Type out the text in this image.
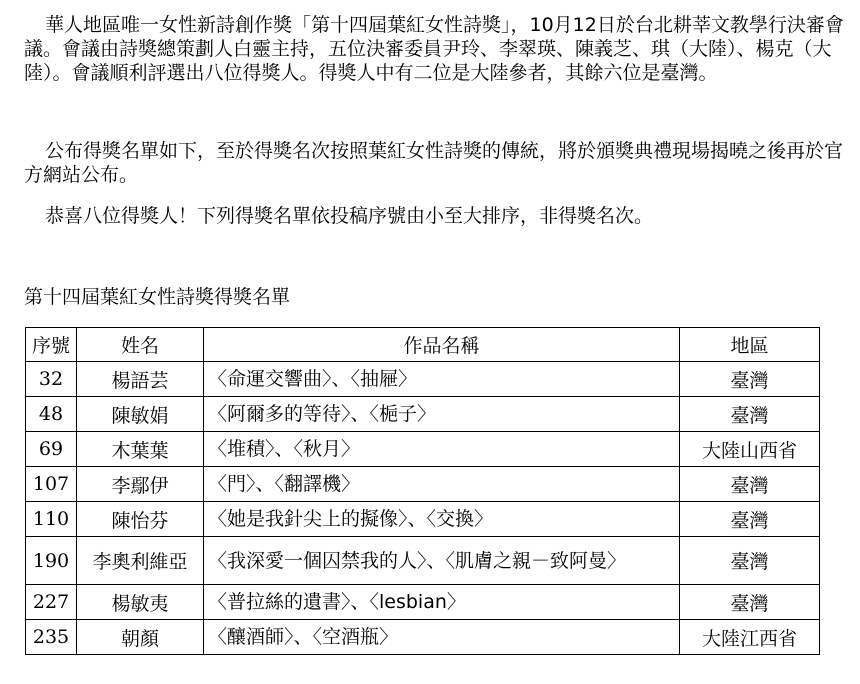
華人地區唯一女性新詩創作獎「第十四屆葉紅女性詩獎」，10月12日於台北耕莘文教學行決審會議。會議由詩獎總策劃人白靈主持，五位決審委員尹玲、李翠瑛、陳義芝、琪（大陸）、楊克（大陸）。會議順利評選出八位得獎人。得獎人中有二位是大陸參者，其餘六位是臺灣。

公布得獎名單如下，至於得獎名次按照葉紅女性詩獎的傳統，將於頒獎典禮現場揭曉之後再於官方網站公布。

恭喜八位得獎人！下列得獎名單依投稿序號由小至大排序，非得獎名次。

第十四屆葉紅女性詩獎得獎名單

序號	姓名	作品名稱	地區
32	楊語芸	〈命運交響曲〉、〈抽屜〉	臺灣
48	陳敏娟	〈阿爾多的等待〉、〈梔子〉	臺灣
69	木葉葉	〈堆積〉、〈秋月〉	大陸山西省
107	李鄢伊	〈門〉、〈翻譯機〉	臺灣
110	陳怡芬	〈她是我針尖上的擬像〉、〈交換〉	臺灣
190	李奧利維亞	〈我深愛一個囚禁我的人〉、〈肌膚之親－致阿曼〉	臺灣
227	楊敏夷	〈普拉絲的遺書〉、〈lesbian〉	臺灣
235	朝顏	〈釀酒師〉、〈空酒瓶〉	大陸江西省
